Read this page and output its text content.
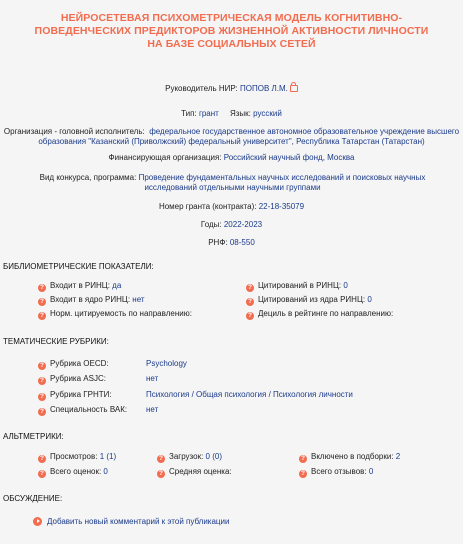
НЕЙРОСЕТЕВАЯ ПСИХОМЕТРИЧЕСКАЯ МОДЕЛЬ КОГНИТИВНО-ПОВЕДЕНЧЕСКИХ ПРЕДИКТОРОВ ЖИЗНЕННОЙ АКТИВНОСТИ ЛИЧНОСТИ НА БАЗЕ СОЦИАЛЬНЫХ СЕТЕЙ
Руководитель НИР: ПОПОВ Л.М.
Тип: грант Язык: русский
Организация - головной исполнитель: федеральное государственное автономное образовательное учреждение высшего образования "Казанский (Приволжский) федеральный университет", Республика Татарстан (Татарстан)
Финансирующая организация: Российский научный фонд, Москва
Вид конкурса, программа: Проведение фундаментальных научных исследований и поисковых научных исследований отдельными научными группами
Номер гранта (контракта): 22-18-35079
Годы: 2022-2023
РНФ: 08-550
БИБЛИОМЕТРИЧЕСКИЕ ПОКАЗАТЕЛИ:
? Входит в РИНЦ: да	? Цитирований в РИНЦ: 0
? Входит в ядро РИНЦ: нет	? Цитирований из ядра РИНЦ: 0
? Норм. цитируемость по направлению:	? Дециль в рейтинге по направлению:
ТЕМАТИЧЕСКИЕ РУБРИКИ:
? Рубрика OECD:	Psychology
? Рубрика ASJC:	нет
? Рубрика ГРНТИ:	Психология / Общая психология / Психология личности
? Специальность ВАК: нет
АЛЬТМЕТРИКИ:
? Просмотров: 1 (1)	? Загрузок: 0 (0)	? Включено в подборки: 2
? Всего оценок: 0	? Средняя оценка:	? Всего отзывов: 0
ОБСУЖДЕНИЕ:
Добавить новый комментарий к этой публикации
